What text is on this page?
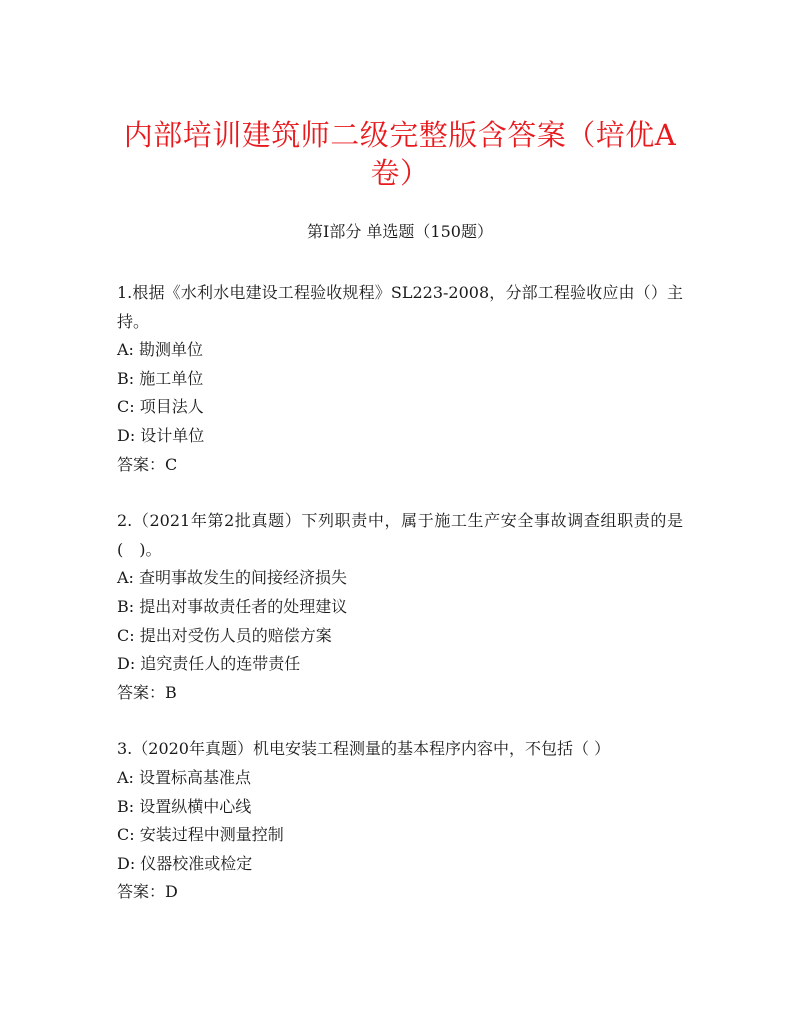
内部培训建筑师二级完整版含答案（培优A卷）
第I部分 单选题（150题）

1.根据《水利水电建设工程验收规程》SL223-2008，分部工程验收应由（）主持。

A: 勘测单位

B: 施工单位

C: 项目法人

D: 设计单位

答案：C

2.（2021年第2批真题）下列职责中，属于施工生产安全事故调查组职责的是(　)。

A: 查明事故发生的间接经济损失

B: 提出对事故责任者的处理建议

C: 提出对受伤人员的赔偿方案

D: 追究责任人的连带责任

答案：B

3.（2020年真题）机电安装工程测量的基本程序内容中，不包括（ ）

A: 设置标高基准点

B: 设置纵横中心线

C: 安装过程中测量控制

D: 仪器校准或检定

答案：D
